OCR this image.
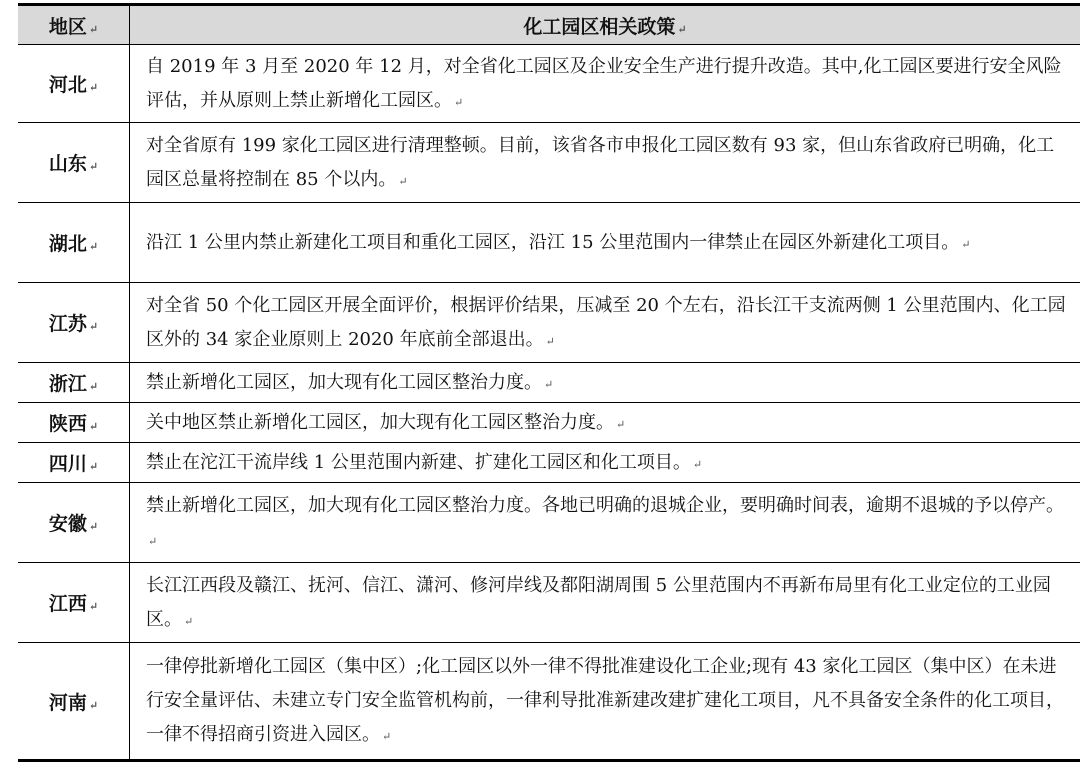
地区 ↵	化工园区相关政策 ↵
河北 ↵	自 2019 年 3 月至 2020 年 12 月，对全省化工园区及企业安全生产进行提升改造。其中,化工园区要进行安全风险评估，并从原则上禁止新增化工园区。 ↵
山东 ↵	对全省原有 199 家化工园区进行清理整顿。目前，该省各市申报化工园区数有 93 家，但山东省政府已明确，化工园区总量将控制在 85 个以内。 ↵
湖北 ↵	沿江 1 公里内禁止新建化工项目和重化工园区，沿江 15 公里范围内一律禁止在园区外新建化工项目。 ↵
江苏 ↵	对全省 50 个化工园区开展全面评价，根据评价结果，压减至 20 个左右，沿长江干支流两侧 1 公里范围内、化工园区外的 34 家企业原则上 2020 年底前全部退出。 ↵
浙江 ↵	禁止新增化工园区，加大现有化工园区整治力度。 ↵
陕西 ↵	关中地区禁止新增化工园区，加大现有化工园区整治力度。 ↵
四川 ↵	禁止在沱江干流岸线 1 公里范围内新建、扩建化工园区和化工项目。 ↵
安徽 ↵	禁止新增化工园区，加大现有化工园区整治力度。各地已明确的退城企业，要明确时间表，逾期不退城的予以停产。↵
江西 ↵	长江江西段及赣江、抚河、信江、潇河、修河岸线及都阳湖周围 5 公里范围内不再新布局里有化工业定位的工业园区。 ↵
河南 ↵	一律停批新增化工园区（集中区）;化工园区以外一律不得批准建设化工企业;现有 43 家化工园区（集中区）在未进行安全量评估、未建立专门安全监管机构前，一律利导批准新建改建扩建化工项目，凡不具备安全条件的化工项目，一律不得招商引资进入园区。 ↵
